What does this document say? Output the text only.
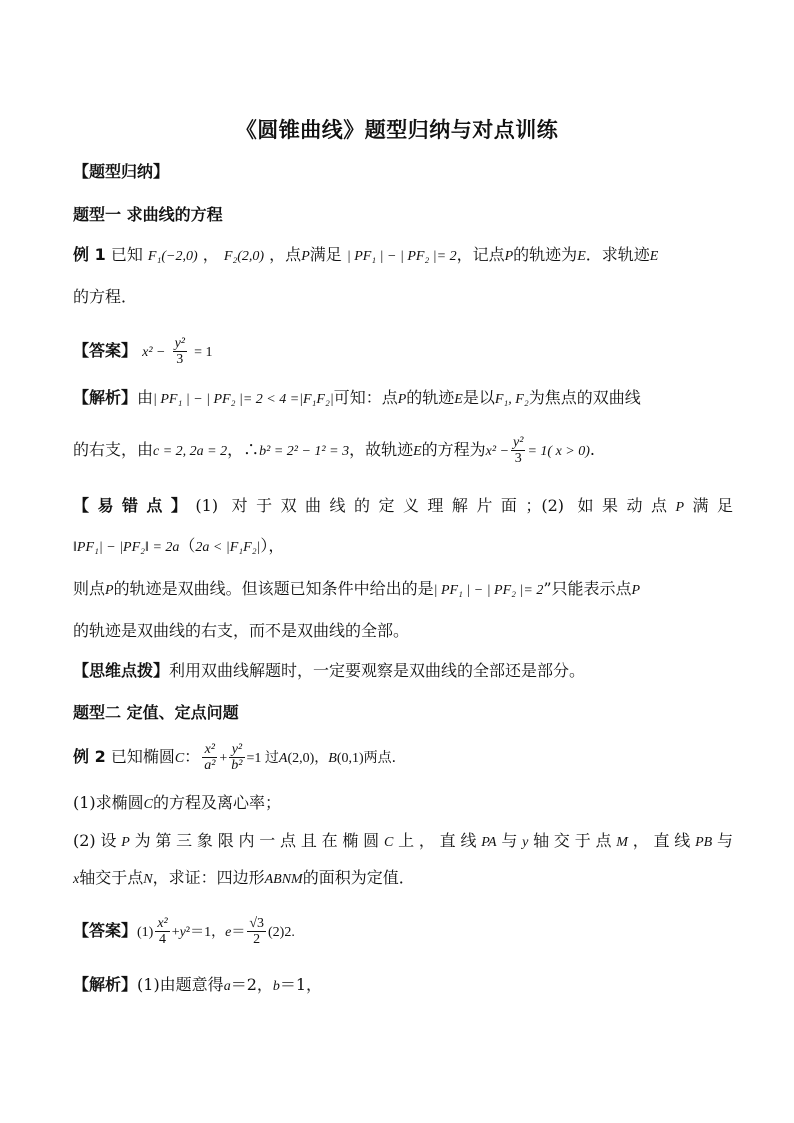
《圆锥曲线》题型归纳与对点训练
【题型归纳】
题型一 求曲线的方程
例 1 已知 F₁(−2,0) ， F₂(2,0) ，点P满足 | PF₁ | − | PF₂ |= 2，记点P的轨迹为E．求轨迹E
的方程．
【答案】 $x^2 - \frac{\text{y²}}{3} = 1$
【解析】由| PF₁ | − | PF₂ |= 2 < 4 =|F₁F₂|可知：点P的轨迹E是以F₁, F₂为焦点的双曲线
的右支，由c = 2, 2a = 2，∴b² = 2² − 1² = 3，故轨迹E的方程为$x^2 - \frac{\text{y²}}{3} = 1$( x > 0).
【易错点】(1) 对于双曲线的定义理解片面；(2) 如果动点P满足
‖PF₁| − |PF₂‖ = 2a（2a < |F₁F₂|），
则点P的轨迹是双曲线。但该题已知条件中给出的是| PF₁ | − | PF₂ |= 2”只能表示点P
的轨迹是双曲线的右支，而不是双曲线的全部。
【思维点拨】利用双曲线解题时，一定要观察是双曲线的全部还是部分。
题型二 定值、定点问题
例 2 已知椭圆C： $\frac{\text{x²}}{\text{a²}} + \frac{\text{y²}}{\text{b²}} =1$ 过A(2,0)，B(0,1)两点．
(1)求椭圆C的方程及离心率；
(2)设P为第三象限内一点且在椭圆C上，直线PA与y轴交于点M，直线PB与
x轴交于点N，求证：四边形ABNM的面积为定值．
【答案】$(1) \frac{\text{x²}}{4} +y^2=1$，$e= \frac{√3}{2} (2)2$.
【解析】(1)由题意得a＝2，b＝1，
